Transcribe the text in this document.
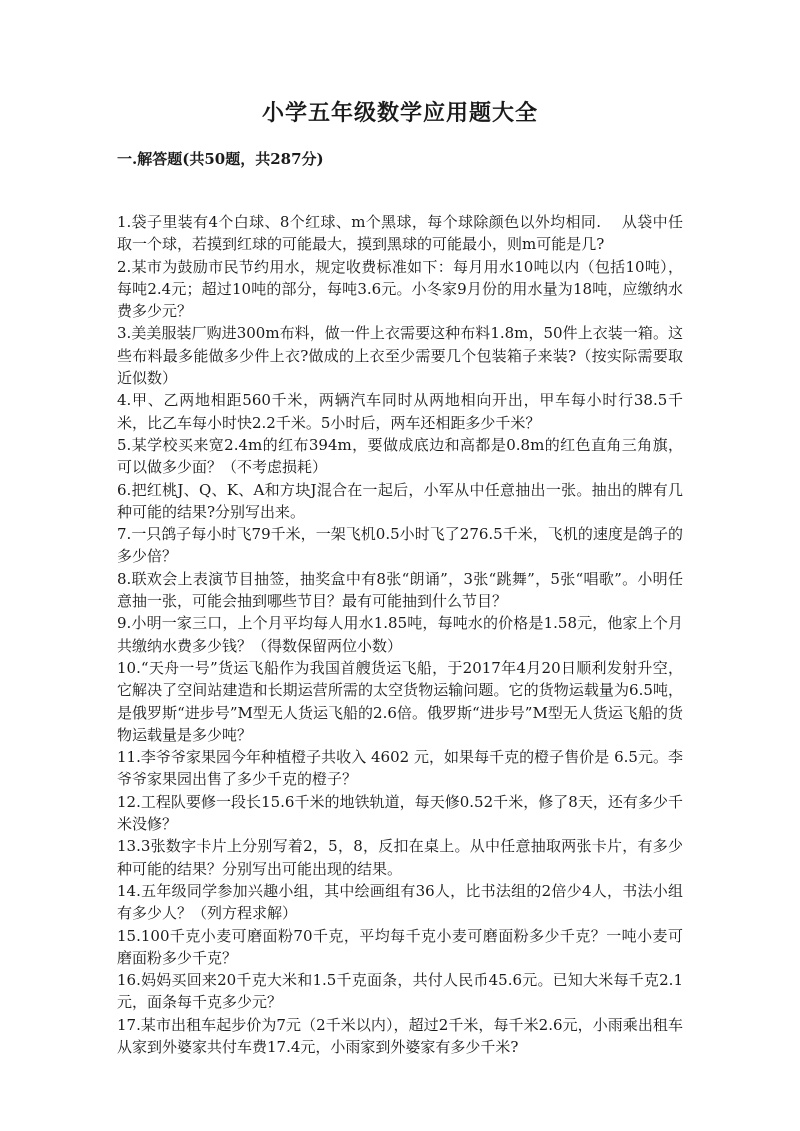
小学五年级数学应用题大全
一.解答题(共50题，共287分)

1.袋子里装有4个白球、8个红球、m个黑球，每个球除颜色以外均相同.　 从袋中任取一个球，若摸到红球的可能最大，摸到黑球的可能最小，则m可能是几?

2.某市为鼓励市民节约用水，规定收费标准如下：每月用水10吨以内（包括10吨），每吨2.4元；超过10吨的部分，每吨3.6元。小冬家9月份的用水量为18吨，应缴纳水费多少元？

3.美美服装厂购进300m布料，做一件上衣需要这种布料1.8m，50件上衣装一箱。这些布料最多能做多少件上衣?做成的上衣至少需要几个包装箱子来装?（按实际需要取近似数）

4.甲、乙两地相距560千米，两辆汽车同时从两地相向开出，甲车每小时行38.5千米，比乙车每小时快2.2千米。5小时后，两车还相距多少千米？

5.某学校买来宽2.4m的红布394m，要做成底边和高都是0.8m的红色直角三角旗，可以做多少面？（不考虑损耗）

6.把红桃J、Q、K、A和方块J混合在一起后，小军从中任意抽出一张。抽出的牌有几种可能的结果?分别写出来。

7.一只鸽子每小时飞79千米，一架飞机0.5小时飞了276.5千米，飞机的速度是鸽子的多少倍？

8.联欢会上表演节目抽签，抽奖盒中有8张“朗诵”，3张“跳舞”，5张“唱歌”。小明任意抽一张，可能会抽到哪些节目？最有可能抽到什么节目？

9.小明一家三口，上个月平均每人用水1.85吨，每吨水的价格是1.58元，他家上个月共缴纳水费多少钱？（得数保留两位小数）

10.“天舟一号”货运飞船作为我国首艘货运飞船，于2017年4月20日顺利发射升空，它解决了空间站建造和长期运营所需的太空货物运输问题。它的货物运载量为6.5吨，是俄罗斯“进步号”M型无人货运飞船的2.6倍。俄罗斯“进步号”M型无人货运飞船的货物运载量是多少吨？

11.李爷爷家果园今年种植橙子共收入 4602 元，如果每千克的橙子售价是 6.5元。李爷爷家果园出售了多少千克的橙子？

12.工程队要修一段长15.6千米的地铁轨道，每天修0.52千米，修了8天，还有多少千米没修？

13.3张数字卡片上分别写着2，5，8，反扣在桌上。从中任意抽取两张卡片，有多少种可能的结果？分别写出可能出现的结果。

14.五年级同学参加兴趣小组，其中绘画组有36人，比书法组的2倍少4人，书法小组有多少人？（列方程求解）

15.100千克小麦可磨面粉70千克，平均每千克小麦可磨面粉多少千克？一吨小麦可磨面粉多少千克？

16.妈妈买回来20千克大米和1.5千克面条，共付人民币45.6元。已知大米每千克2.1元，面条每千克多少元？

17.某市出租车起步价为7元（2千米以内），超过2千米，每千米2.6元，小雨乘出租车从家到外婆家共付车费17.4元，小雨家到外婆家有多少千米?
